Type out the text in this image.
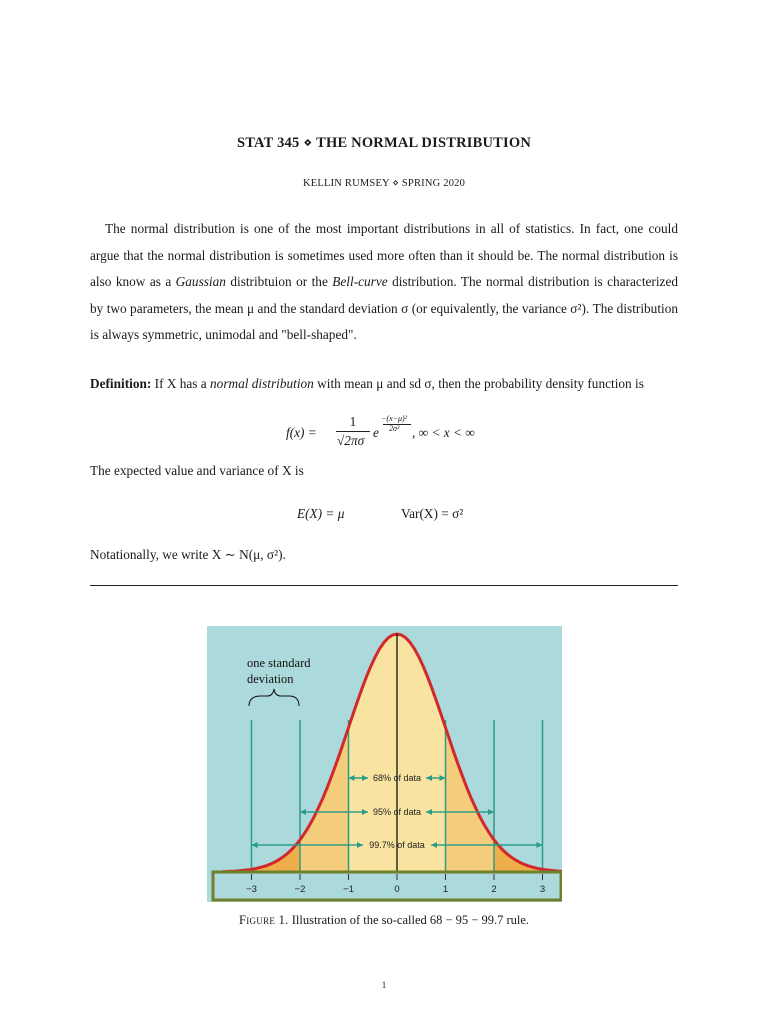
STAT 345 ⋄ THE NORMAL DISTRIBUTION
KELLIN RUMSEY ⋄ SPRING 2020

The normal distribution is one of the most important distributions in all of statistics. In fact, one could argue that the normal distribution is sometimes used more often than it should be. The normal distribution is also know as a Gaussian distribtuion or the Bell-curve distribution. The normal distribution is characterized by two parameters, the mean μ and the standard deviation σ (or equivalently, the variance σ²). The distribution is always symmetric, unimodal and "bell-shaped".

Definition: If X has a normal distribution with mean μ and sd σ, then the probability density function is
f(x) =
1
√2πσ
e
−(x−μ)²
2σ² , ∞ < x < ∞
The expected value and variance of X is
E(X) = μ	Var(X) = σ²
Notationally, we write X ∼ N(μ, σ²).
one standard
deviation
68% of data
95% of data
99.7% of data
−3	−2	−1	0	1	2	3
Figure 1. Illustration of the so-called 68 − 95 − 99.7 rule.
1
